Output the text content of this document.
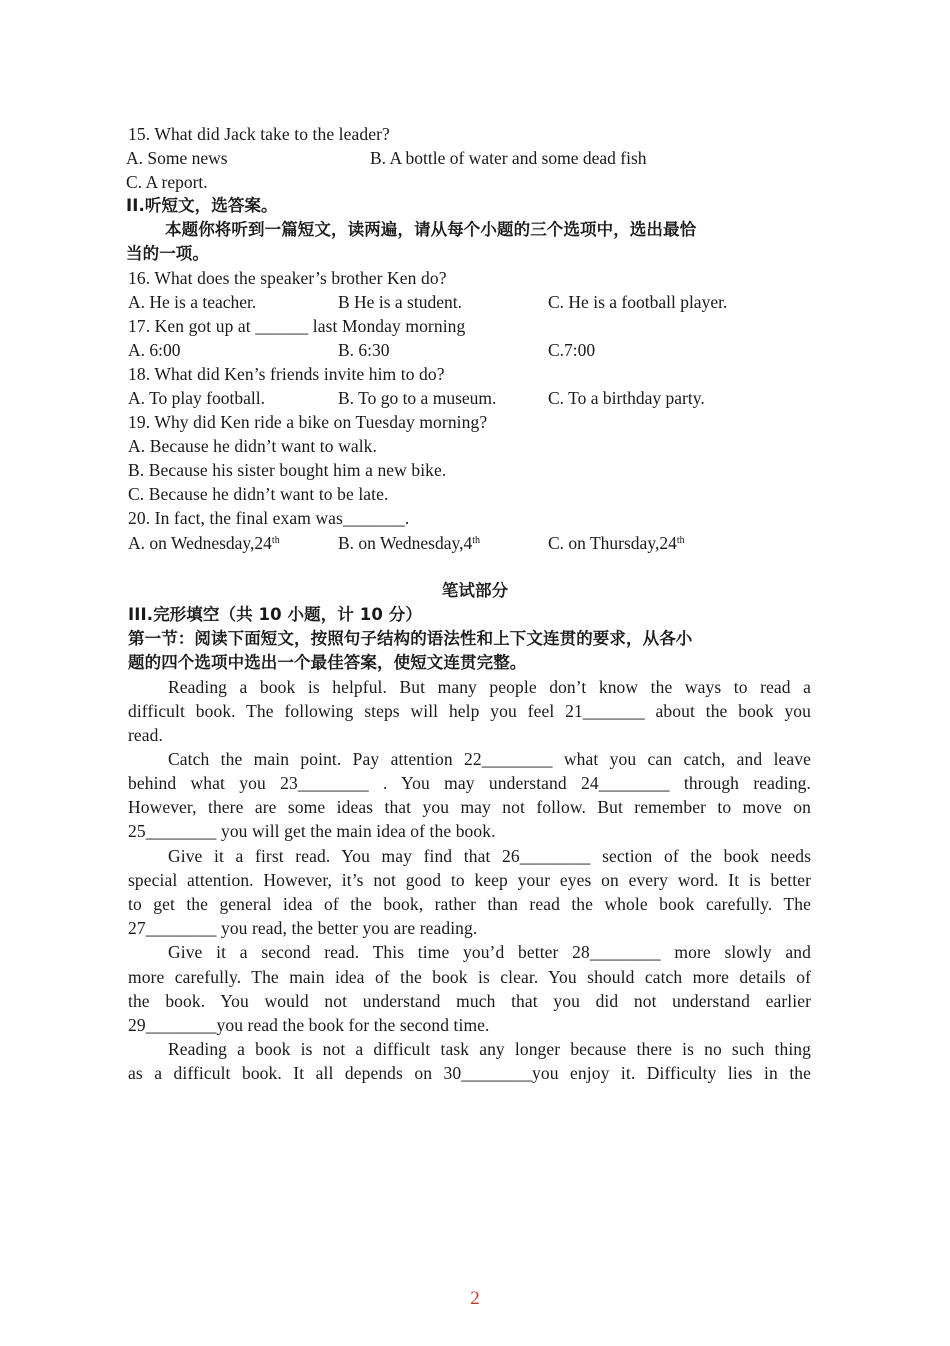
15. What did Jack take to the leader?
A. Some news	B. A bottle of water and some dead fish
C. A report.
II.听短文，选答案。
本题你将听到一篇短文，读两遍，请从每个小题的三个选项中，选出最恰
当的一项。
16. What does the speaker’s brother Ken do?
A. He is a teacher.	B He is a student.	C. He is a football player.
17. Ken got up at ______ last Monday morning
A. 6:00	B. 6:30	C.7:00
18. What did Ken’s friends invite him to do?
A. To play football.	B. To go to a museum.	C. To a birthday party.
19. Why did Ken ride a bike on Tuesday morning?
A. Because he didn’t want to walk.
B. Because his sister bought him a new bike.
C. Because he didn’t want to be late.
20. In fact, the final exam was_______.
A. on Wednesday,24th	B. on Wednesday,4th	C. on Thursday,24th
笔试部分
III.完形填空（共 10 小题，计 10 分）
第一节：阅读下面短文，按照句子结构的语法性和上下文连贯的要求，从各小
题的四个选项中选出一个最佳答案，使短文连贯完整。
Reading a book is helpful. But many people don’t know the ways to read a
difficult book. The following steps will help you feel 21_______ about the book you
read.
Catch the main point. Pay attention 22________ what you can catch, and leave
behind what you 23________ . You may understand 24________ through reading.
However, there are some ideas that you may not follow. But remember to move on
25________ you will get the main idea of the book.
Give it a first read. You may find that 26________ section of the book needs
special attention. However, it’s not good to keep your eyes on every word. It is better
to get the general idea of the book, rather than read the whole book carefully. The
27________ you read, the better you are reading.
Give it a second read. This time you’d better 28________ more slowly and
more carefully. The main idea of the book is clear. You should catch more details of
the book. You would not understand much that you did not understand earlier
29________you read the book for the second time.
Reading a book is not a difficult task any longer because there is no such thing
as a difficult book. It all depends on 30________you enjoy it. Difficulty lies in the
2
